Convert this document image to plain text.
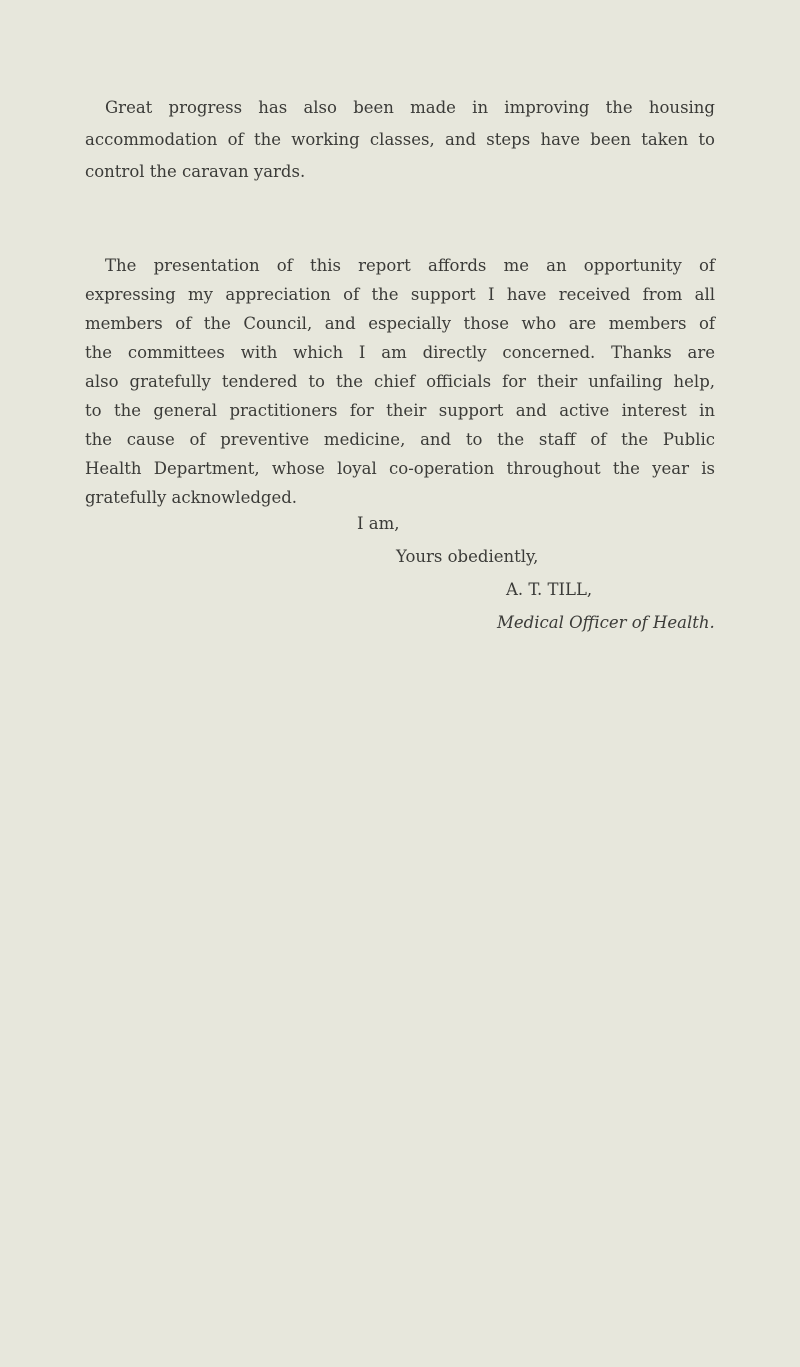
Great progress has also been made in improving the housing
accommodation of the working classes, and steps have been taken to
control the caravan yards.
The presentation of this report affords me an opportunity of
expressing my appreciation of the support I have received from all
members of the Council, and especially those who are members of
the committees with which I am directly concerned. Thanks are
also gratefully tendered to the chief officials for their unfailing help,
to the general practitioners for their support and active interest in
the cause of preventive medicine, and to the staff of the Public
Health Department, whose loyal co-operation throughout the year is
gratefully acknowledged.
I am,
Yours obediently,
A. T. TILL,
Medical Officer of Health.
